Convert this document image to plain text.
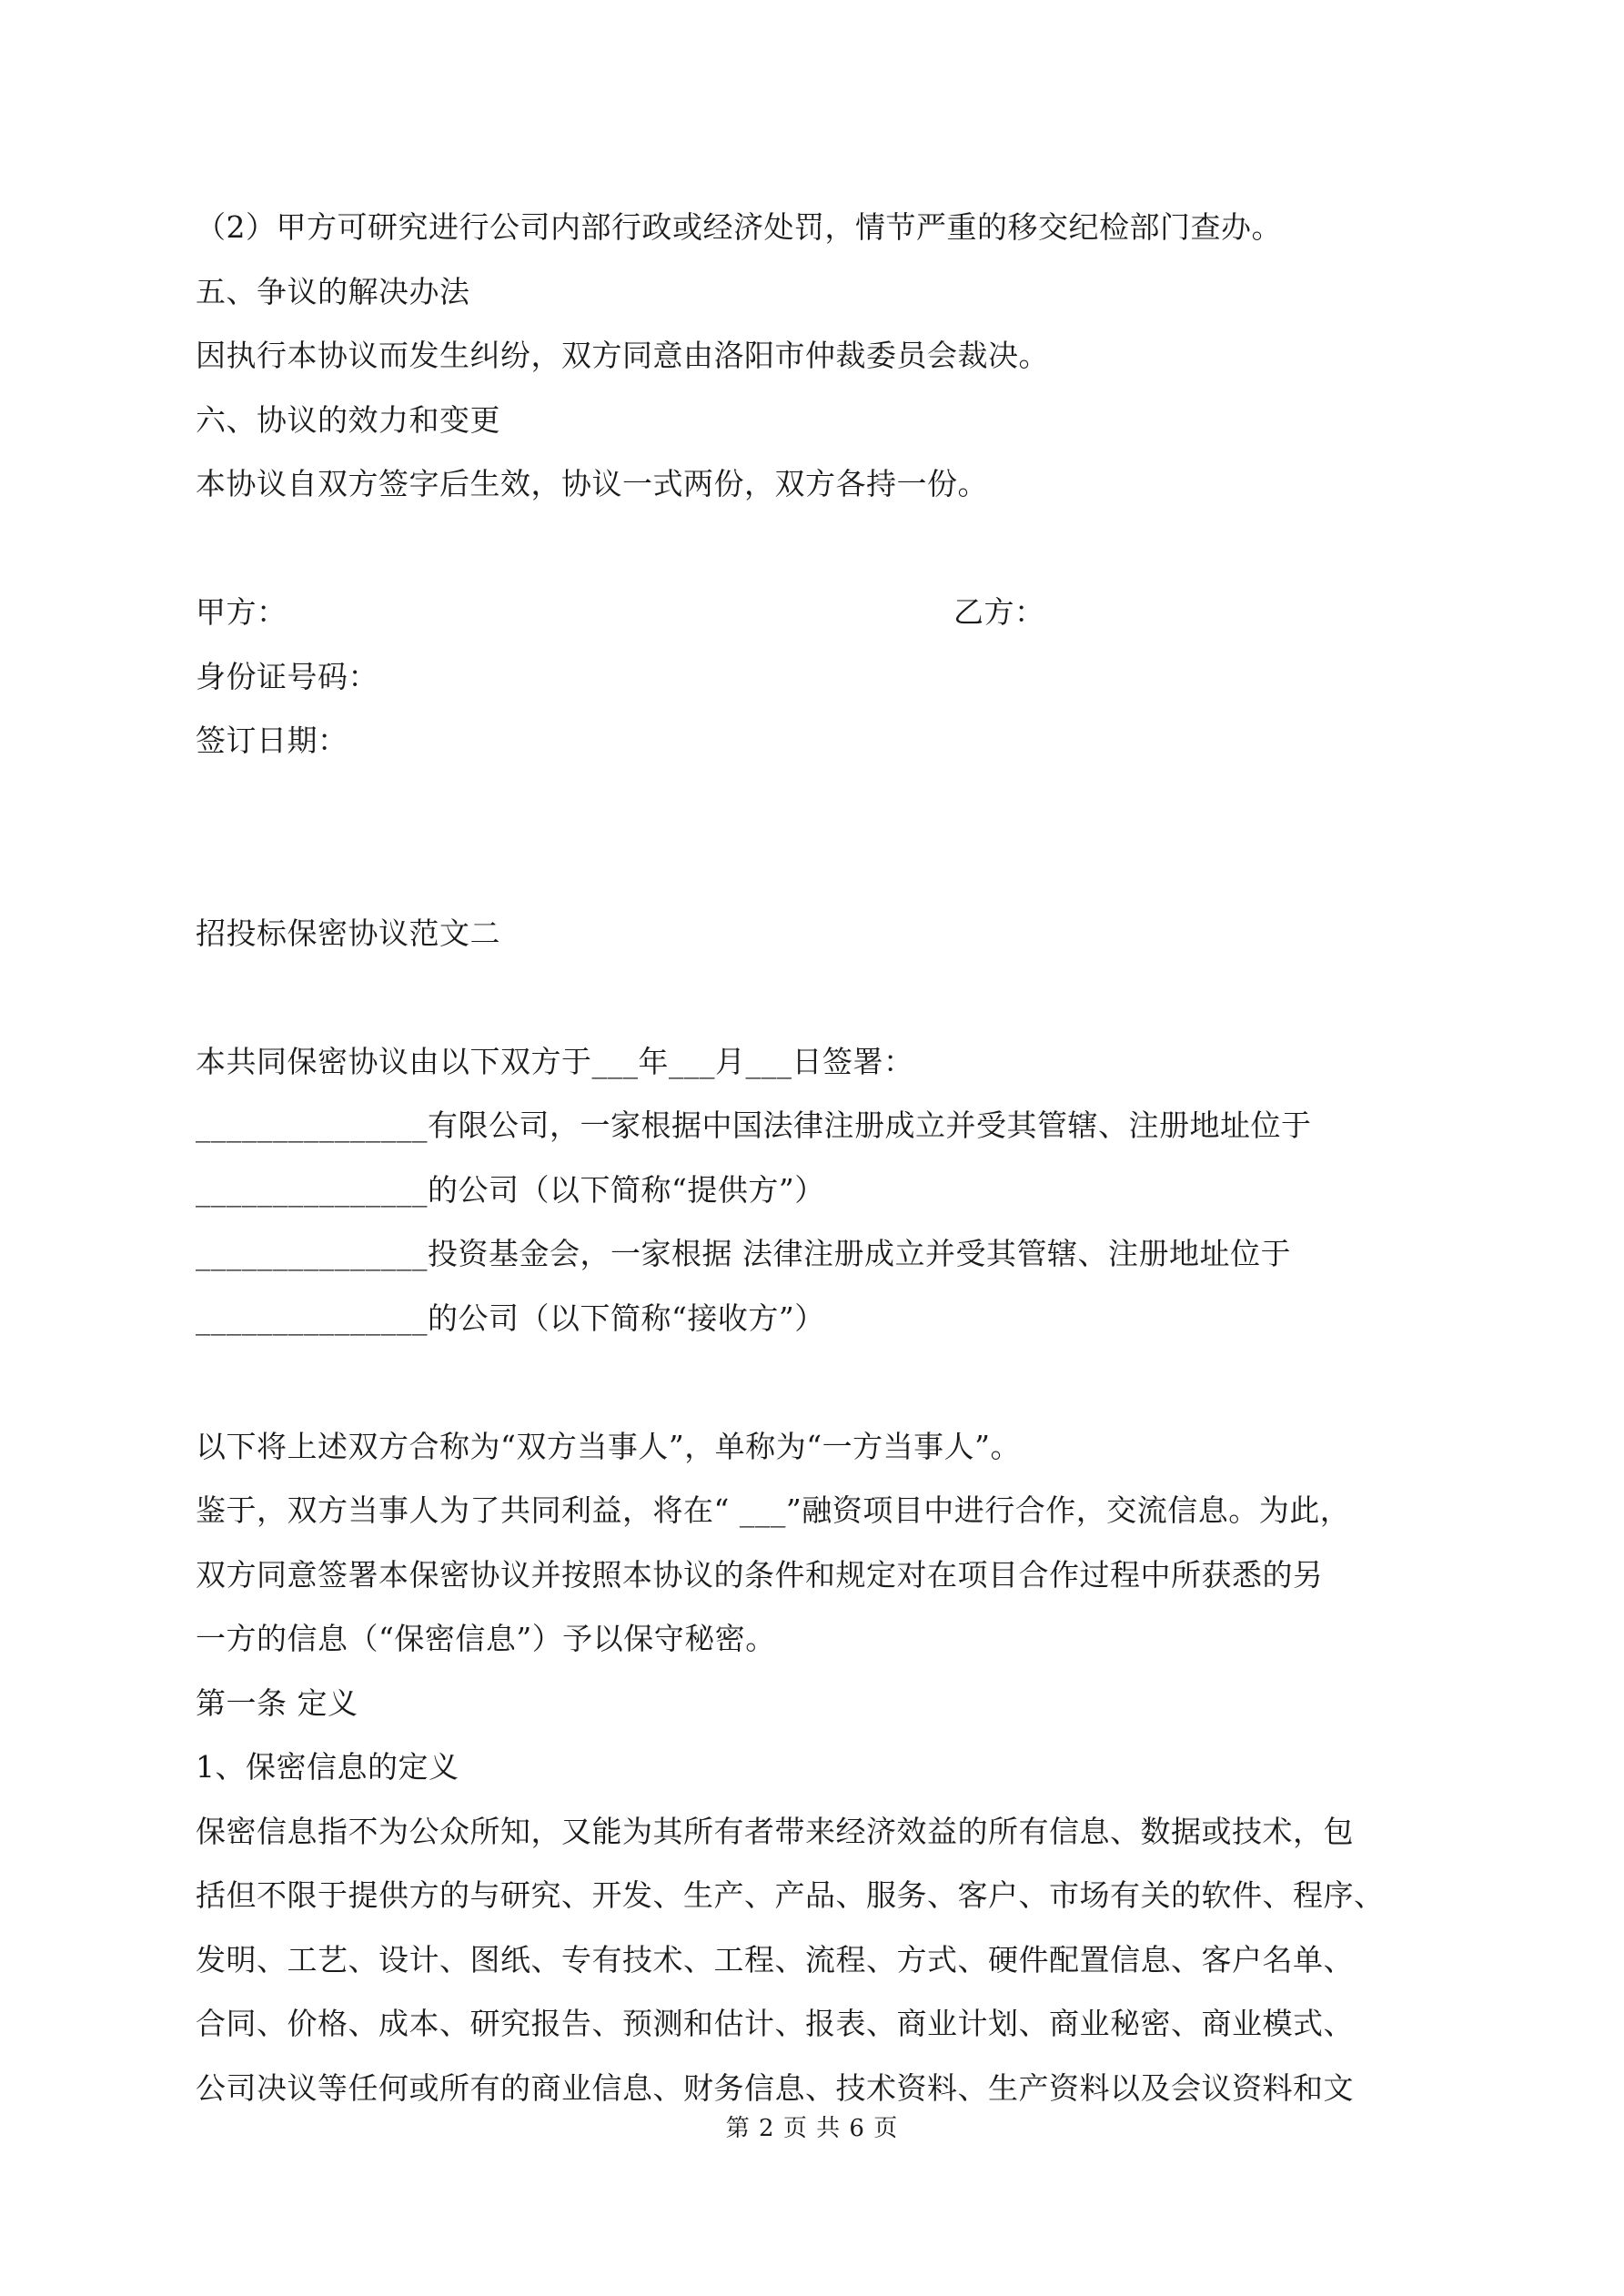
（2）甲方可研究进行公司内部行政或经济处罚，情节严重的移交纪检部门查办。
五、争议的解决办法
因执行本协议而发生纠纷，双方同意由洛阳市仲裁委员会裁决。
六、协议的效力和变更
本协议自双方签字后生效，协议一式两份，双方各持一份。
甲方：	乙方：
身份证号码：
签订日期：
招投标保密协议范文二
本共同保密协议由以下双方于___年___月___日签署：
_______________有限公司，一家根据中国法律注册成立并受其管辖、注册地址位于
_______________的公司（以下简称“提供方”）
_______________投资基金会，一家根据 法律注册成立并受其管辖、注册地址位于
_______________的公司（以下简称“接收方”）
以下将上述双方合称为“双方当事人”，单称为“一方当事人”。
鉴于，双方当事人为了共同利益，将在“ ___”融资项目中进行合作，交流信息。为此，
双方同意签署本保密协议并按照本协议的条件和规定对在项目合作过程中所获悉的另
一方的信息（“保密信息”）予以保守秘密。
第一条 定义
1、保密信息的定义
保密信息指不为公众所知，又能为其所有者带来经济效益的所有信息、数据或技术，包
括但不限于提供方的与研究、开发、生产、产品、服务、客户、市场有关的软件、程序、
发明、工艺、设计、图纸、专有技术、工程、流程、方式、硬件配置信息、客户名单、
合同、价格、成本、研究报告、预测和估计、报表、商业计划、商业秘密、商业模式、
公司决议等任何或所有的商业信息、财务信息、技术资料、生产资料以及会议资料和文
第 2 页 共 6 页
